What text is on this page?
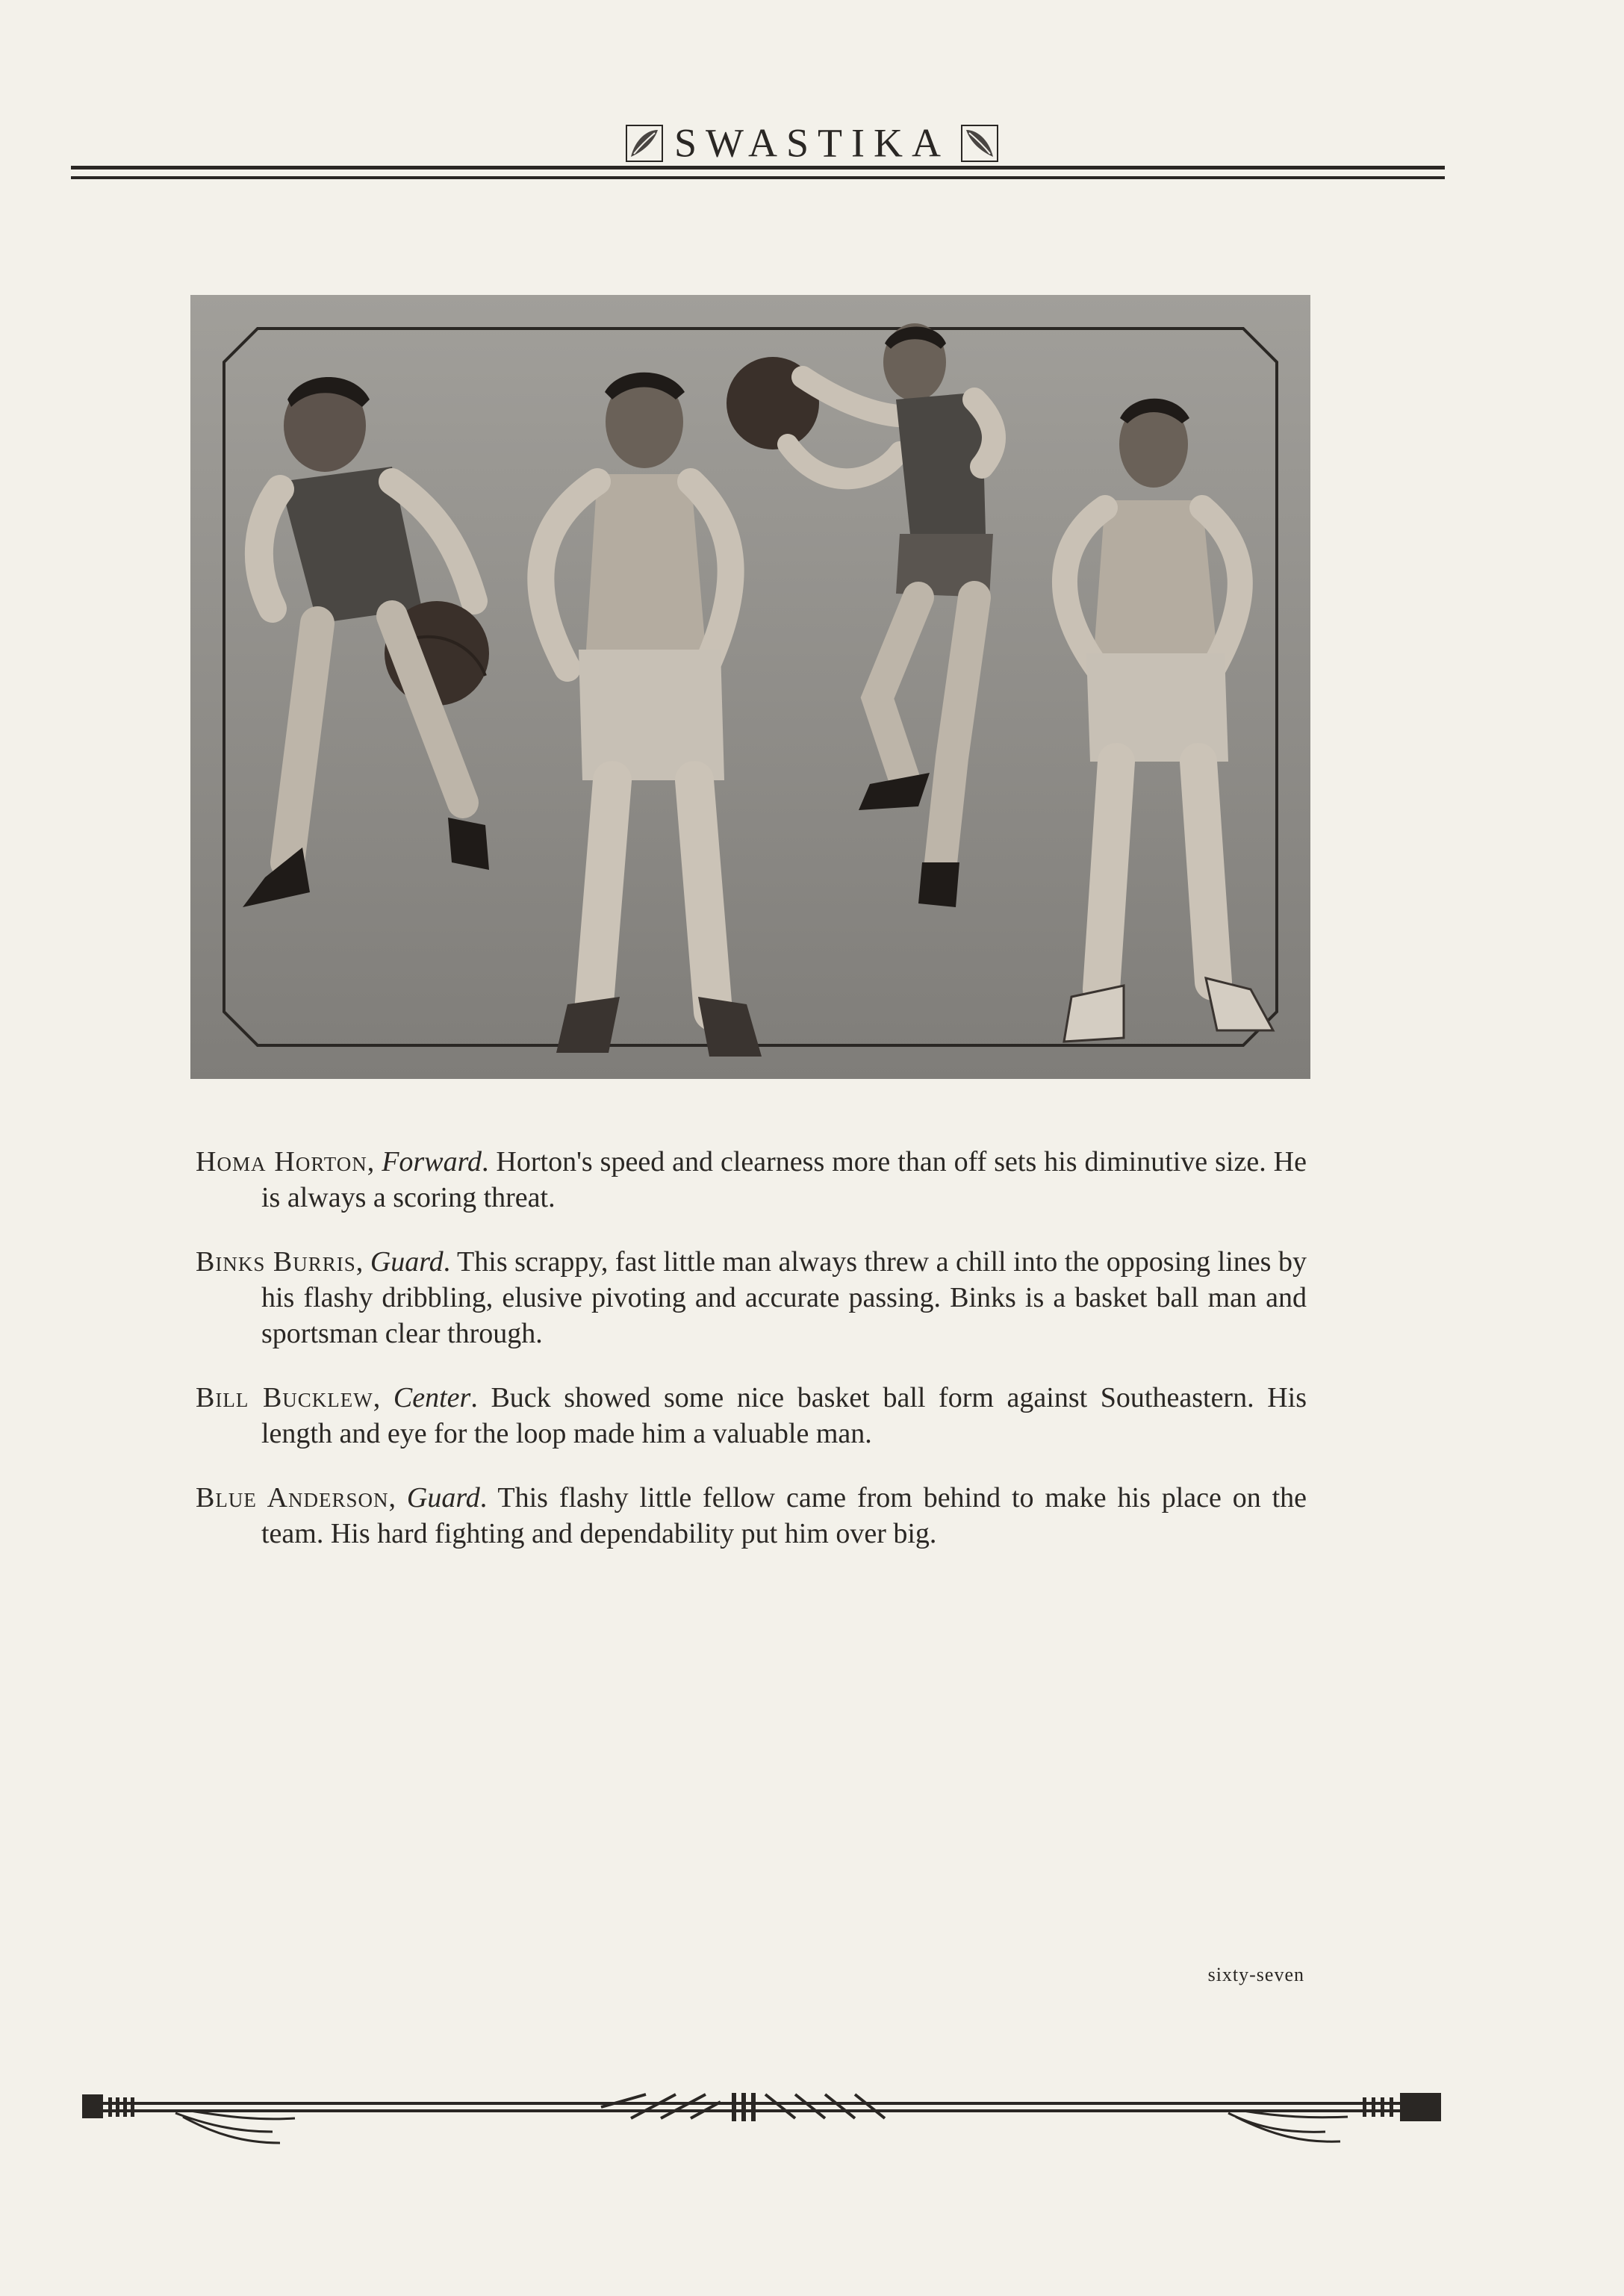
SWASTIKA

Homa Horton, Forward. Horton's speed and clearness more than off sets his diminutive size. He is always a scoring threat.

Binks Burris, Guard. This scrappy, fast little man always threw a chill into the opposing lines by his flashy dribbling, elusive pivoting and accurate passing. Binks is a basket ball man and sportsman clear through.

Bill Bucklew, Center. Buck showed some nice basket ball form against Southeastern. His length and eye for the loop made him a valuable man.

Blue Anderson, Guard. This flashy little fellow came from behind to make his place on the team. His hard fighting and dependability put him over big.

sixty-seven
